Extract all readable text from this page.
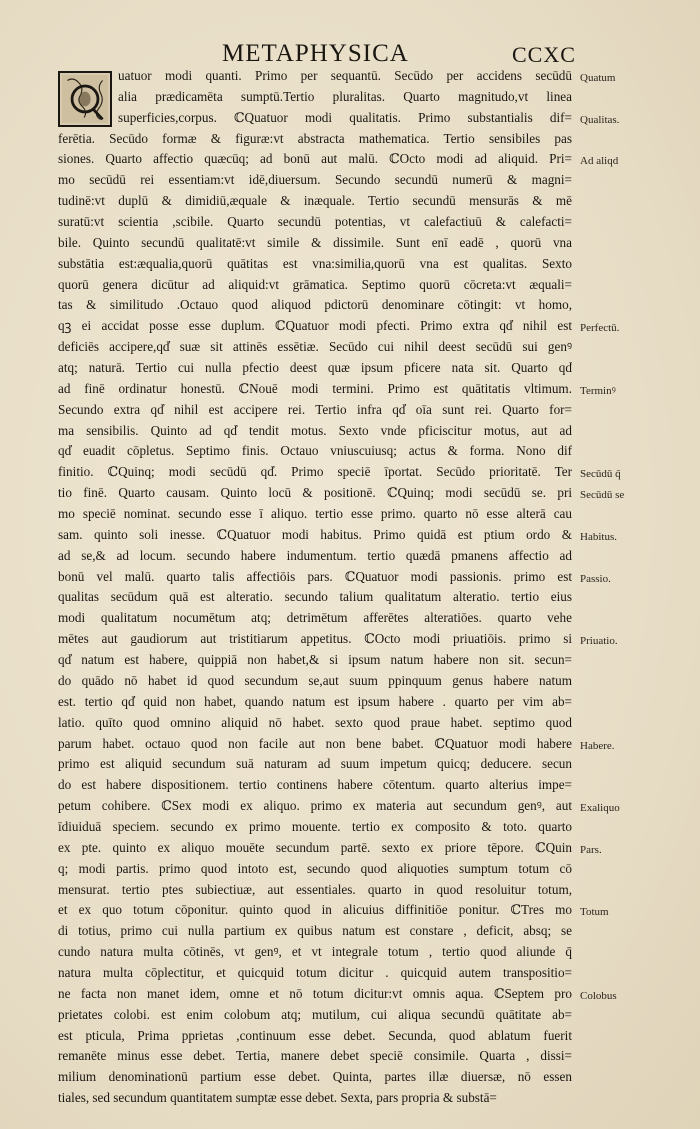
METAPHYSICA	CCXC
uatuor modi quanti. Primo per sequantū. Secūdo per accidens secūdū
alia prædicamēta sumptū.Tertio pluralitas. Quarto magnitudo,vt linea
superficies,corpus. ℂQuatuor modi qualitatis. Primo substantialis dif=
ferētia. Secūdo formæ & figuræ:vt abstracta mathematica. Tertio sensibiles pas
siones. Quarto affectio quæcūq; ad bonū aut malū. ℂOcto modi ad aliquid. Pri=
mo secūdū rei essentiam:vt idē,diuersum. Secundo secundū numerū & magni=
tudinē:vt duplū & dimidiū,æquale & inæquale. Tertio secundū mensurās & mē
suratū:vt scientia ,scibile. Quarto secundū potentias, vt calefactiuū & calefacti=
bile. Quinto secundū qualitatē:vt simile & dissimile. Sunt enī eadē , quorū vna
substātia est:æqualia,quorū quātitas est vna:similia,quorū vna est qualitas. Sexto
quorū genera dicūtur ad aliquid:vt grāmatica. Septimo quorū cōcreta:vt æquali=
tas & similitudo .Octauo quod aliquod pdictorū denominare cōtingit: vt homo,
qꝫ ei accidat posse esse duplum. ℂQuatuor modi pfecti. Primo extra qd̓ nihil est
deficiēs accipere,qd̓ suæ sit attinēs essētiæ. Secūdo cui nihil deest secūdū sui genꝰ
atq; naturā. Tertio cui nulla pfectio deest quæ ipsum pficere nata sit. Quarto qd̓
ad finē ordinatur honestū. ℂNouē modi termini. Primo est quātitatis vltimum.
Secundo extra qd̓ nihil est accipere rei. Tertio infra qd̓ oīa sunt rei. Quarto for=
ma sensibilis. Quinto ad qd̓ tendit motus. Sexto vnde pficiscitur motus, aut ad
qd̓ euadit cōpletus. Septimo finis. Octauo vniuscuiusq; actus & forma. Nono dif
finitio. ℂQuinq; modi secūdū qd̓. Primo speciē īportat. Secūdo prioritatē. Ter
tio finē. Quarto causam. Quinto locū & positionē. ℂQuinq; modi secūdū se. pri
mo speciē nominat. secundo esse ī aliquo. tertio esse primo. quarto nō esse alterā cau
sam. quinto soli inesse. ℂQuatuor modi habitus. Primo quidā est ptium ordo &
ad se,& ad locum. secundo habere indumentum. tertio quædā pmanens affectio ad
bonū vel malū. quarto talis affectiōis pars. ℂQuatuor modi passionis. primo est
qualitas secūdum quā est alteratio. secundo talium qualitatum alteratio. tertio eius
modi qualitatum nocumētum atq; detrimētum afferētes alteratiōes. quarto vehe
mētes aut gaudiorum aut tristitiarum appetitus. ℂOcto modi priuatiōis. primo si
qd̓ natum est habere, quippiā non habet,& si ipsum natum habere non sit. secun=
do quādo nō habet id quod secundum se,aut suum ppinquum genus habere natum
est. tertio qd̓ quid non habet, quando natum est ipsum habere . quarto per vim ab=
latio. quīto quod omnino aliquid nō habet. sexto quod praue habet. septimo quod
parum habet. octauo quod non facile aut non bene babet. ℂQuatuor modi habere
primo est aliquid secundum suā naturam ad suum impetum quicq; deducere. secun
do est habere dispositionem. tertio continens habere cōtentum. quarto alterius impe=
petum cohibere. ℂSex modi ex aliquo. primo ex materia aut secundum genꝰ, aut
īdiuiduā speciem. secundo ex primo mouente. tertio ex composito & toto. quarto
ex pte. quinto ex aliquo mouēte secundum partē. sexto ex priore tēpore. ℂQuin
q; modi partis. primo quod intoto est, secundo quod aliquoties sumptum totum cō
mensurat. tertio ptes subiectiuæ, aut essentiales. quarto in quod resoluitur totum,
et ex quo totum cōponitur. quinto quod in alicuius diffinitiōe ponitur. ℂTres mo
di totius, primo cui nulla partium ex quibus natum est constare , deficit, absq; se
cundo natura multa cōtinēs, vt genꝰ, et vt integrale totum , tertio quod aliunde q̄
natura multa cōplectitur, et quicquid totum dicitur . quicquid autem transpositio=
ne facta non manet idem, omne et nō totum dicitur:vt omnis aqua. ℂSeptem pro
prietates colobi. est enim colobum atq; mutilum, cui aliqua secundū quātitate ab=
est pticula, Prima pprietas ,continuum esse debet. Secunda, quod ablatum fuerit
remanēte minus esse debet. Tertia, manere debet speciē consimile. Quarta , dissi=
milium denominationū partium esse debet. Quinta, partes illæ diuersæ, nō essen
tiales, sed secundum quantitatem sumptæ esse debet. Sexta, pars propria & substā=
Quatum
Qualitas.
Ad aliqd
Perfectū.
Terminꝰ
Secūdū q̄
Secūdū se
Habitus.
Passio.
Priuatio.
Habere.
Exaliquo
Pars.
Totum
Colobus
